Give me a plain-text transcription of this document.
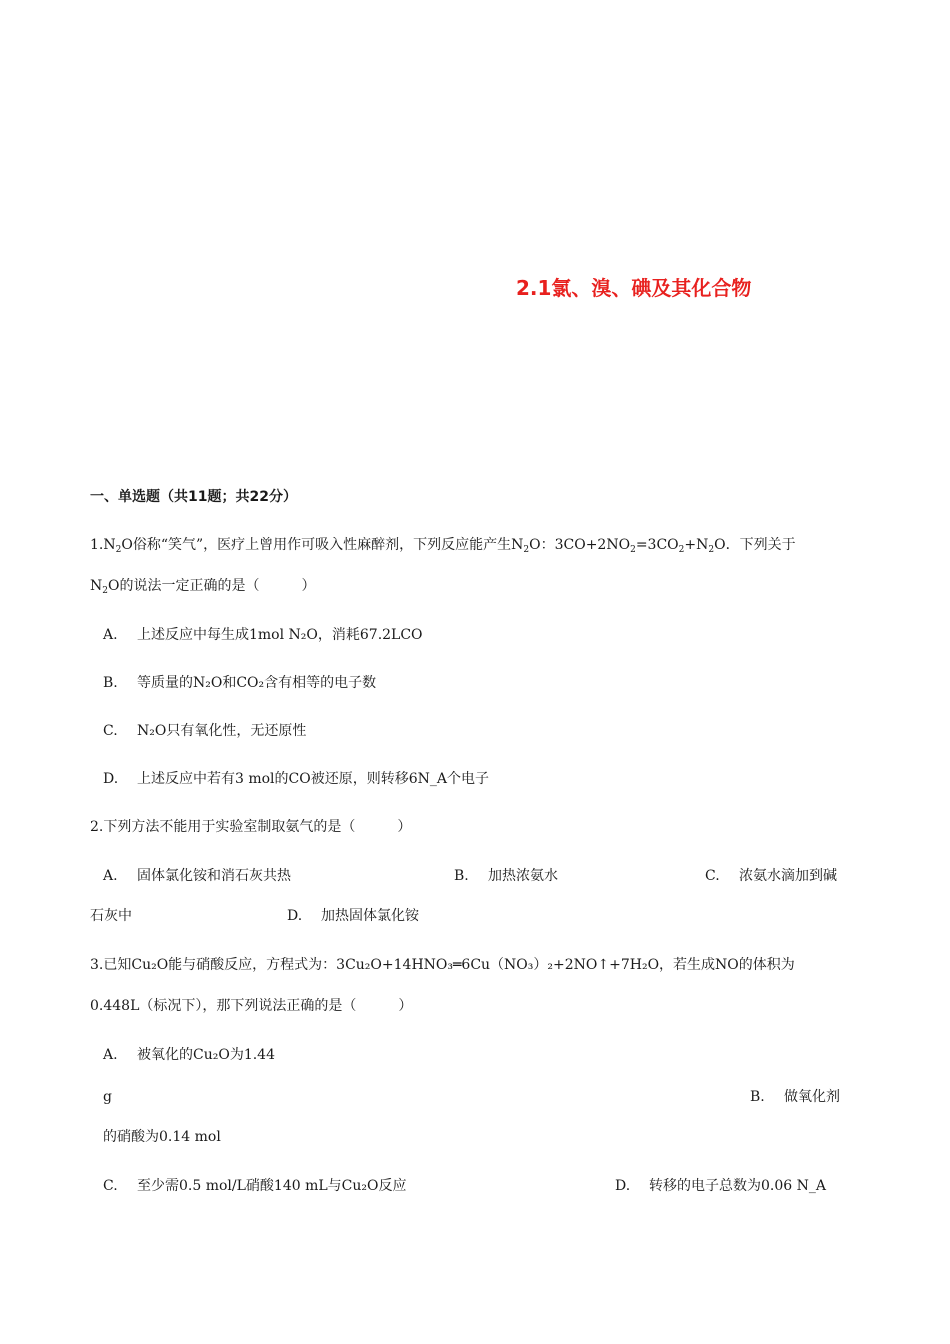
2.1氯、溴、碘及其化合物
一、单选题（共11题；共22分）
$1.N_2O$俗称“笑气”，医疗上曾用作可吸入性麻醉剂，下列反应能产生$N_2O$：$3CO+2NO_2=3CO_2+N_2O$．下列关于
$N_2O$的说法一定正确的是（　　　）
A. 上述反应中每生成1mol N₂O，消耗67.2LCO
B. 等质量的N₂O和CO₂含有相等的电子数
C. N₂O只有氧化性，无还原性
D. 上述反应中若有3 mol的CO被还原，则转移6N_A个电子
2.下列方法不能用于实验室制取氨气的是（　　　）
A. 固体氯化铵和消石灰共热	B. 加热浓氨水	C. 浓氨水滴加到碱
石灰中	D. 加热固体氯化铵
3.已知Cu₂O能与硝酸反应，方程式为：3Cu₂O+14HNO₃═6Cu（NO₃）₂+2NO↑+7H₂O，若生成NO的体积为
0.448L（标况下），那下列说法正确的是（　　　）
A. 被氧化的Cu₂O为1.44
g	B. 做氧化剂
的硝酸为0.14 mol
C. 至少需0.5 mol/L硝酸140 mL与Cu₂O反应	D. 转移的电子总数为0.06 N_A
